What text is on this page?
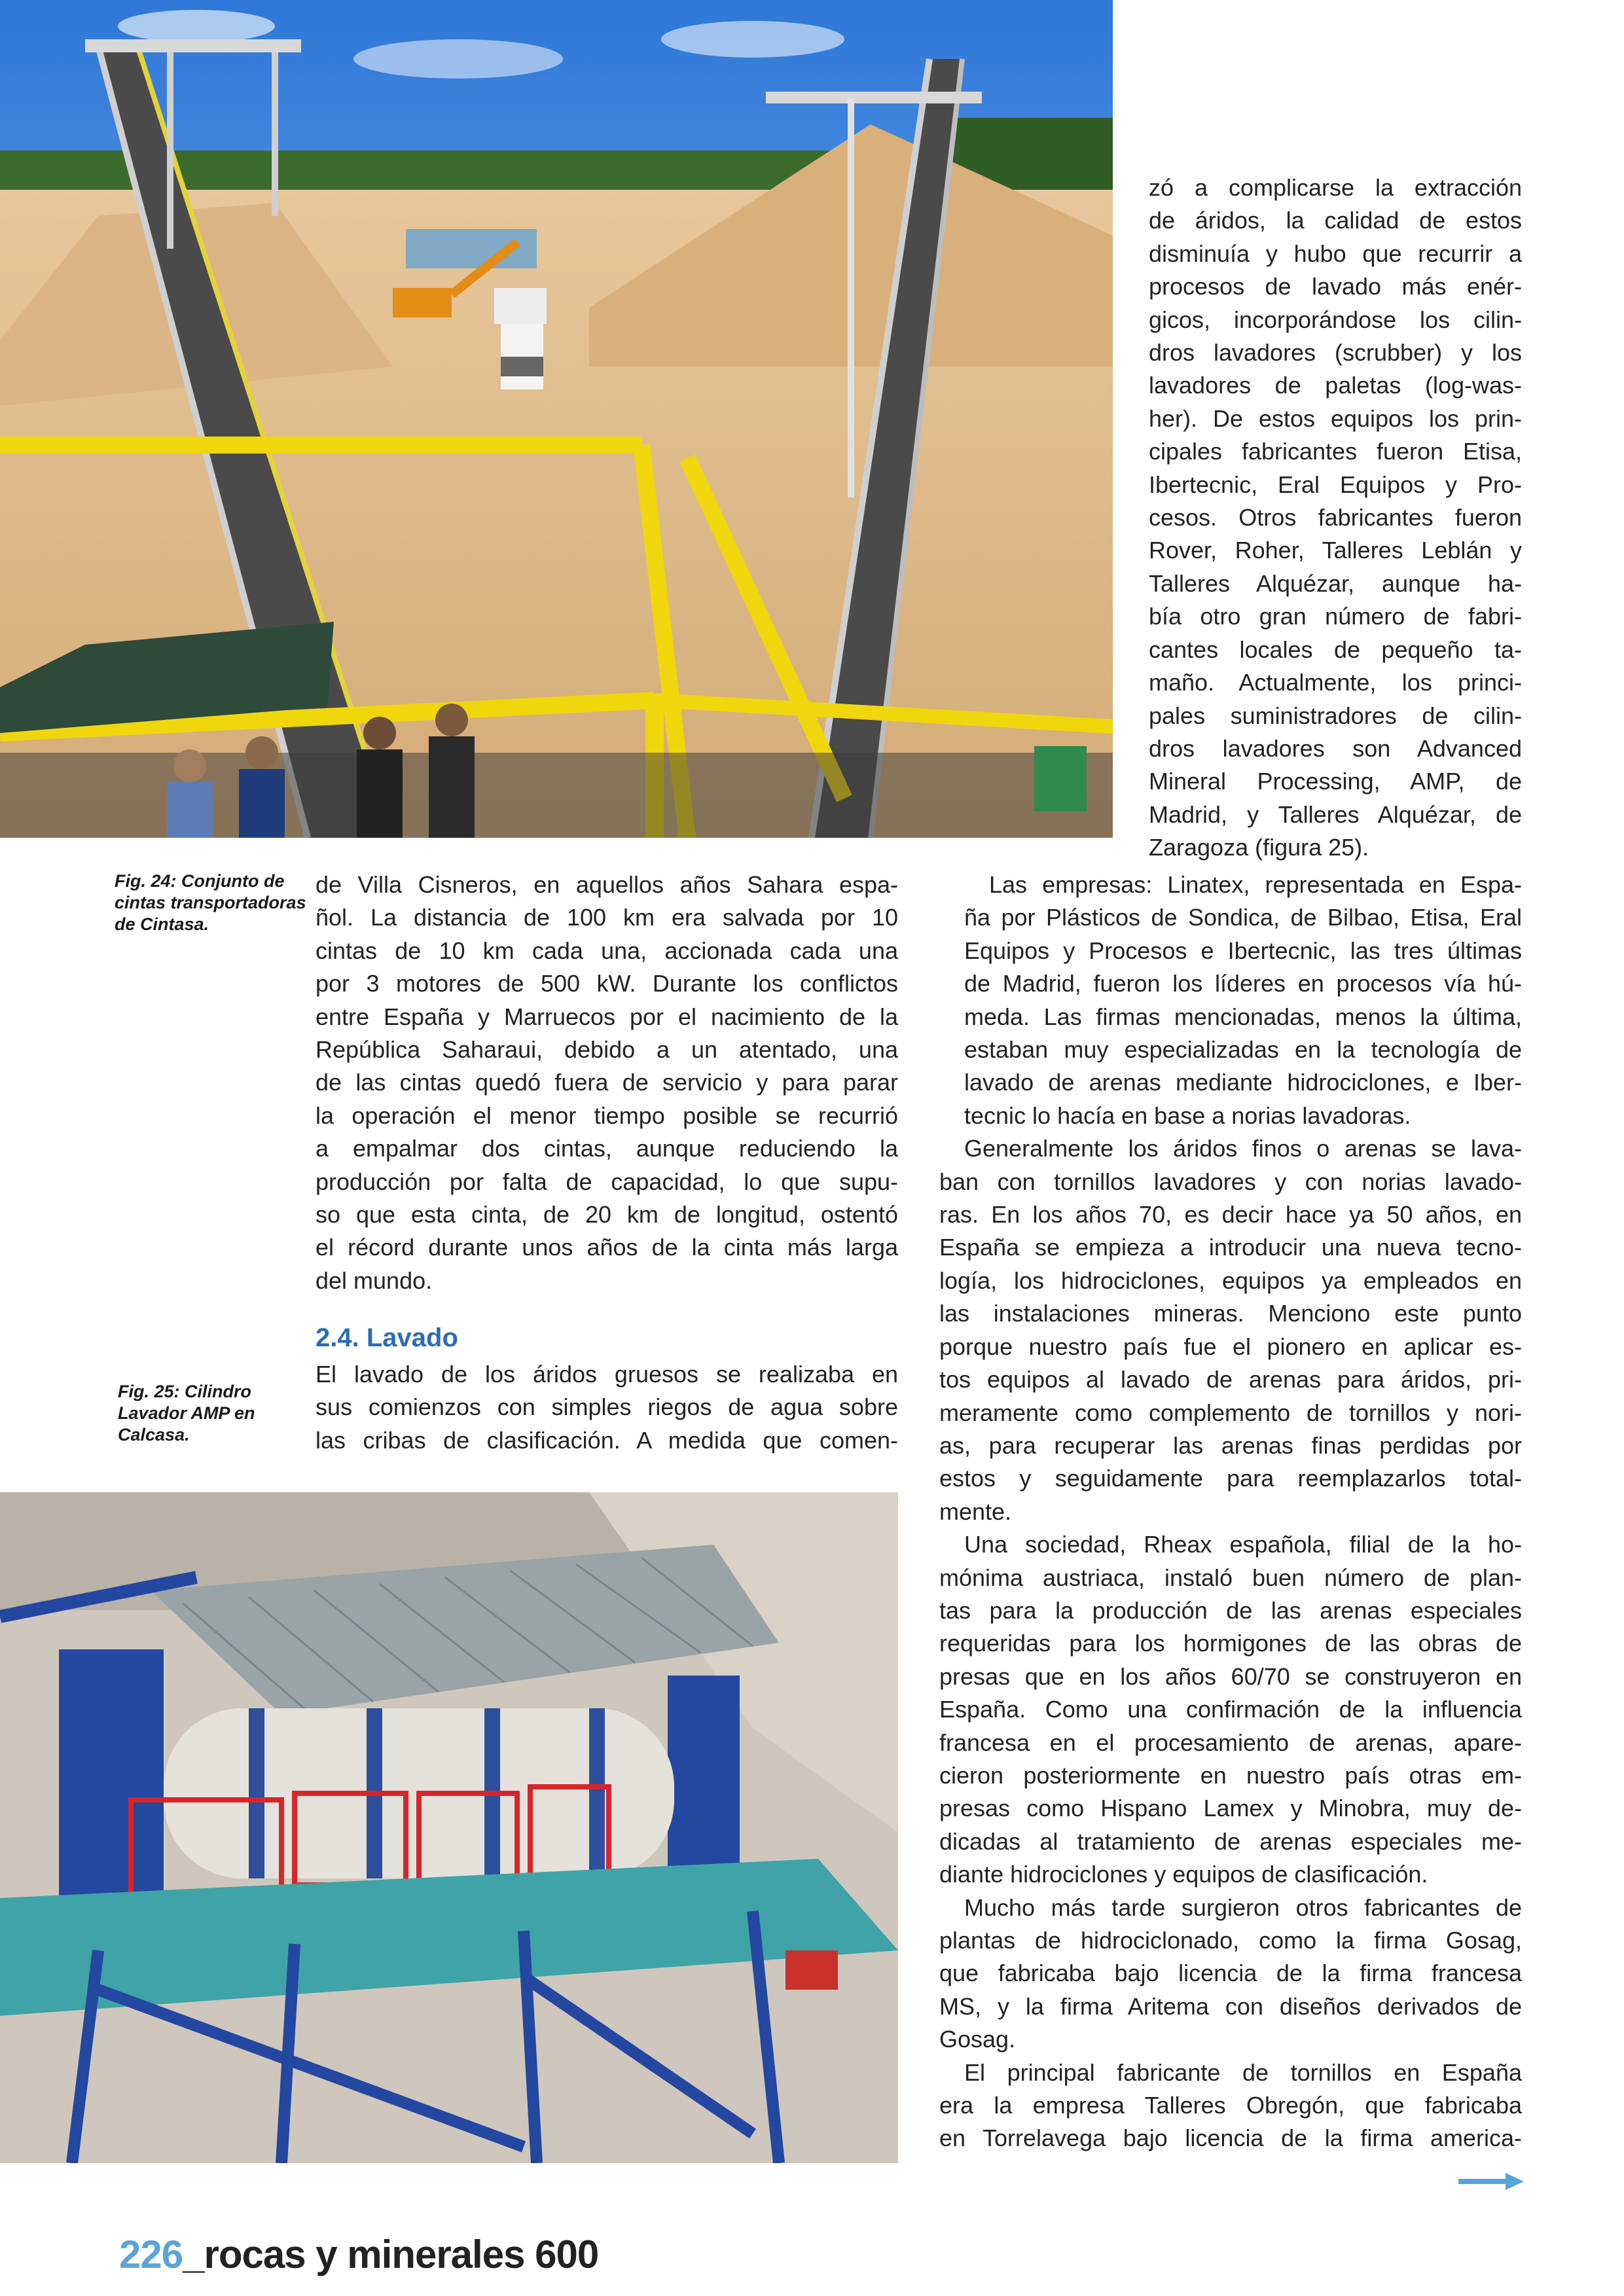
zó a complicarse la extracción
de áridos, la calidad de estos
disminuía y hubo que recurrir a
procesos de lavado más enér-
gicos, incorporándose los cilin-
dros lavadores (scrubber) y los
lavadores de paletas (log-was-
her). De estos equipos los prin-
cipales fabricantes fueron Etisa,
Ibertecnic, Eral Equipos y Pro-
cesos. Otros fabricantes fueron
Rover, Roher, Talleres Leblán y
Talleres Alquézar, aunque ha-
bía otro gran número de fabri-
cantes locales de pequeño ta-
maño. Actualmente, los princi-
pales suministradores de cilin-
dros lavadores son Advanced
Mineral Processing, AMP, de
Madrid, y Talleres Alquézar, de
Zaragoza (figura 25).

Fig. 24: Conjunto de cintas transportadoras de Cintasa.
Fig. 25: Cilindro Lavador AMP en Calcasa.

de Villa Cisneros, en aquellos años Sahara espa-
ñol. La distancia de 100 km era salvada por 10
cintas de 10 km cada una, accionada cada una
por 3 motores de 500 kW. Durante los conflictos
entre España y Marruecos por el nacimiento de la
República Saharaui, debido a un atentado, una
de las cintas quedó fuera de servicio y para parar
la operación el menor tiempo posible se recurrió
a empalmar dos cintas, aunque reduciendo la
producción por falta de capacidad, lo que supu-
so que esta cinta, de 20 km de longitud, ostentó
el récord durante unos años de la cinta más larga
del mundo.

2.4. Lavado

El lavado de los áridos gruesos se realizaba en
sus comienzos con simples riegos de agua sobre
las cribas de clasificación. A medida que comen-

Las empresas: Linatex, representada en Espa-
ña por Plásticos de Sondica, de Bilbao, Etisa, Eral
Equipos y Procesos e Ibertecnic, las tres últimas
de Madrid, fueron los líderes en procesos vía hú-
meda. Las firmas mencionadas, menos la última,
estaban muy especializadas en la tecnología de
lavado de arenas mediante hidrociclones, e Iber-
tecnic lo hacía en base a norias lavadoras.

Generalmente los áridos finos o arenas se lava-
ban con tornillos lavadores y con norias lavado-
ras. En los años 70, es decir hace ya 50 años, en
España se empieza a introducir una nueva tecno-
logía, los hidrociclones, equipos ya empleados en
las instalaciones mineras. Menciono este punto
porque nuestro país fue el pionero en aplicar es-
tos equipos al lavado de arenas para áridos, pri-
meramente como complemento de tornillos y nori-
as, para recuperar las arenas finas perdidas por
estos y seguidamente para reemplazarlos total-
mente.

Una sociedad, Rheax española, filial de la ho-
mónima austriaca, instaló buen número de plan-
tas para la producción de las arenas especiales
requeridas para los hormigones de las obras de
presas que en los años 60/70 se construyeron en
España. Como una confirmación de la influencia
francesa en el procesamiento de arenas, apare-
cieron posteriormente en nuestro país otras em-
presas como Hispano Lamex y Minobra, muy de-
dicadas al tratamiento de arenas especiales me-
diante hidrociclones y equipos de clasificación.

Mucho más tarde surgieron otros fabricantes de
plantas de hidrociclonado, como la firma Gosag,
que fabricaba bajo licencia de la firma francesa
MS, y la firma Aritema con diseños derivados de
Gosag.

El principal fabricante de tornillos en España
era la empresa Talleres Obregón, que fabricaba
en Torrelavega bajo licencia de la firma america-

226_rocas y minerales 600
